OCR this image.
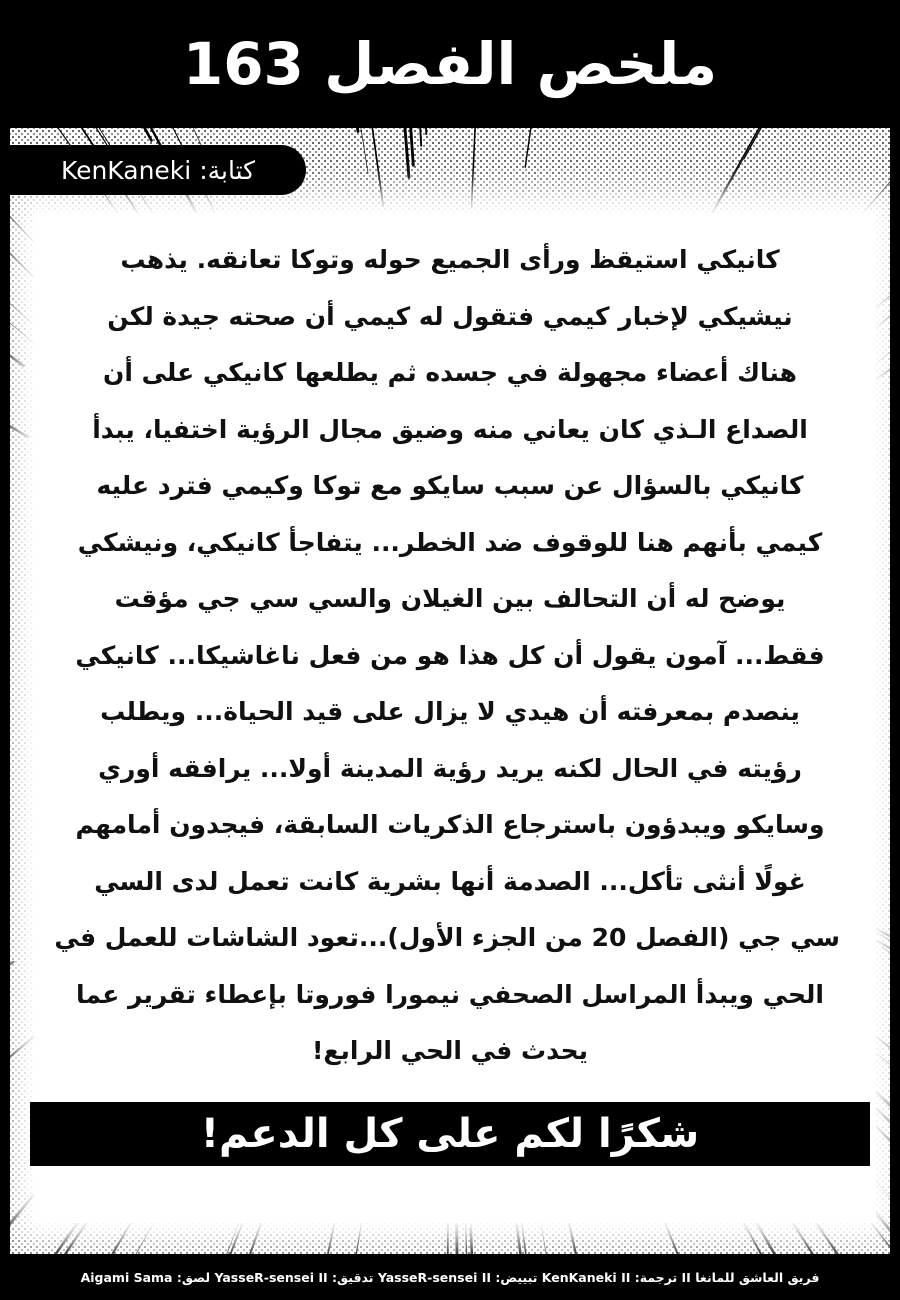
ملخص الفصل 163
كتابة: KenKaneki
كانيكي استيقظ ورأى الجميع حوله وتوكا تعانقه. يذهب
نيشيكي لإخبار كيمي فتقول له كيمي أن صحته جيدة لكن
هناك أعضاء مجهولة في جسده ثم يطلعها كانيكي على أن
الصداع الـذي كان يعاني منه وضيق مجال الرؤية اختفيا، يبدأ
كانيكي بالسؤال عن سبب سايكو مع توكا وكيمي فترد عليه
كيمي بأنهم هنا للوقوف ضد الخطر... يتفاجأ كانيكي، ونيشكي
يوضح له أن التحالف بين الغيلان والسي سي جي مؤقت
فقط... آمون يقول أن كل هذا هو من فعل ناغاشيكا... كانيكي
ينصدم بمعرفته أن هيدي لا يزال على قيد الحياة... ويطلب
رؤيته في الحال لكنه يريد رؤية المدينة أولا... يرافقه أوري
وسايكو ويبدؤون باسترجاع الذكريات السابقة، فيجدون أمامهم
غولًا أنثى تأكل... الصدمة أنها بشرية كانت تعمل لدى السي
سي جي (الفصل 20 من الجزء الأول)...تعود الشاشات للعمل في
الحي ويبدأ المراسل الصحفي نيمورا فوروتا بإعطاء تقرير عما
يحدث في الحي الرابع!
شكرًا لكم على كل الدعم!
فريق العاشق للمانغا II ترجمة: KenKaneki II تبييض: YasseR-sensei II تدقيق: YasseR-sensei II لصق: Aigami Sama
